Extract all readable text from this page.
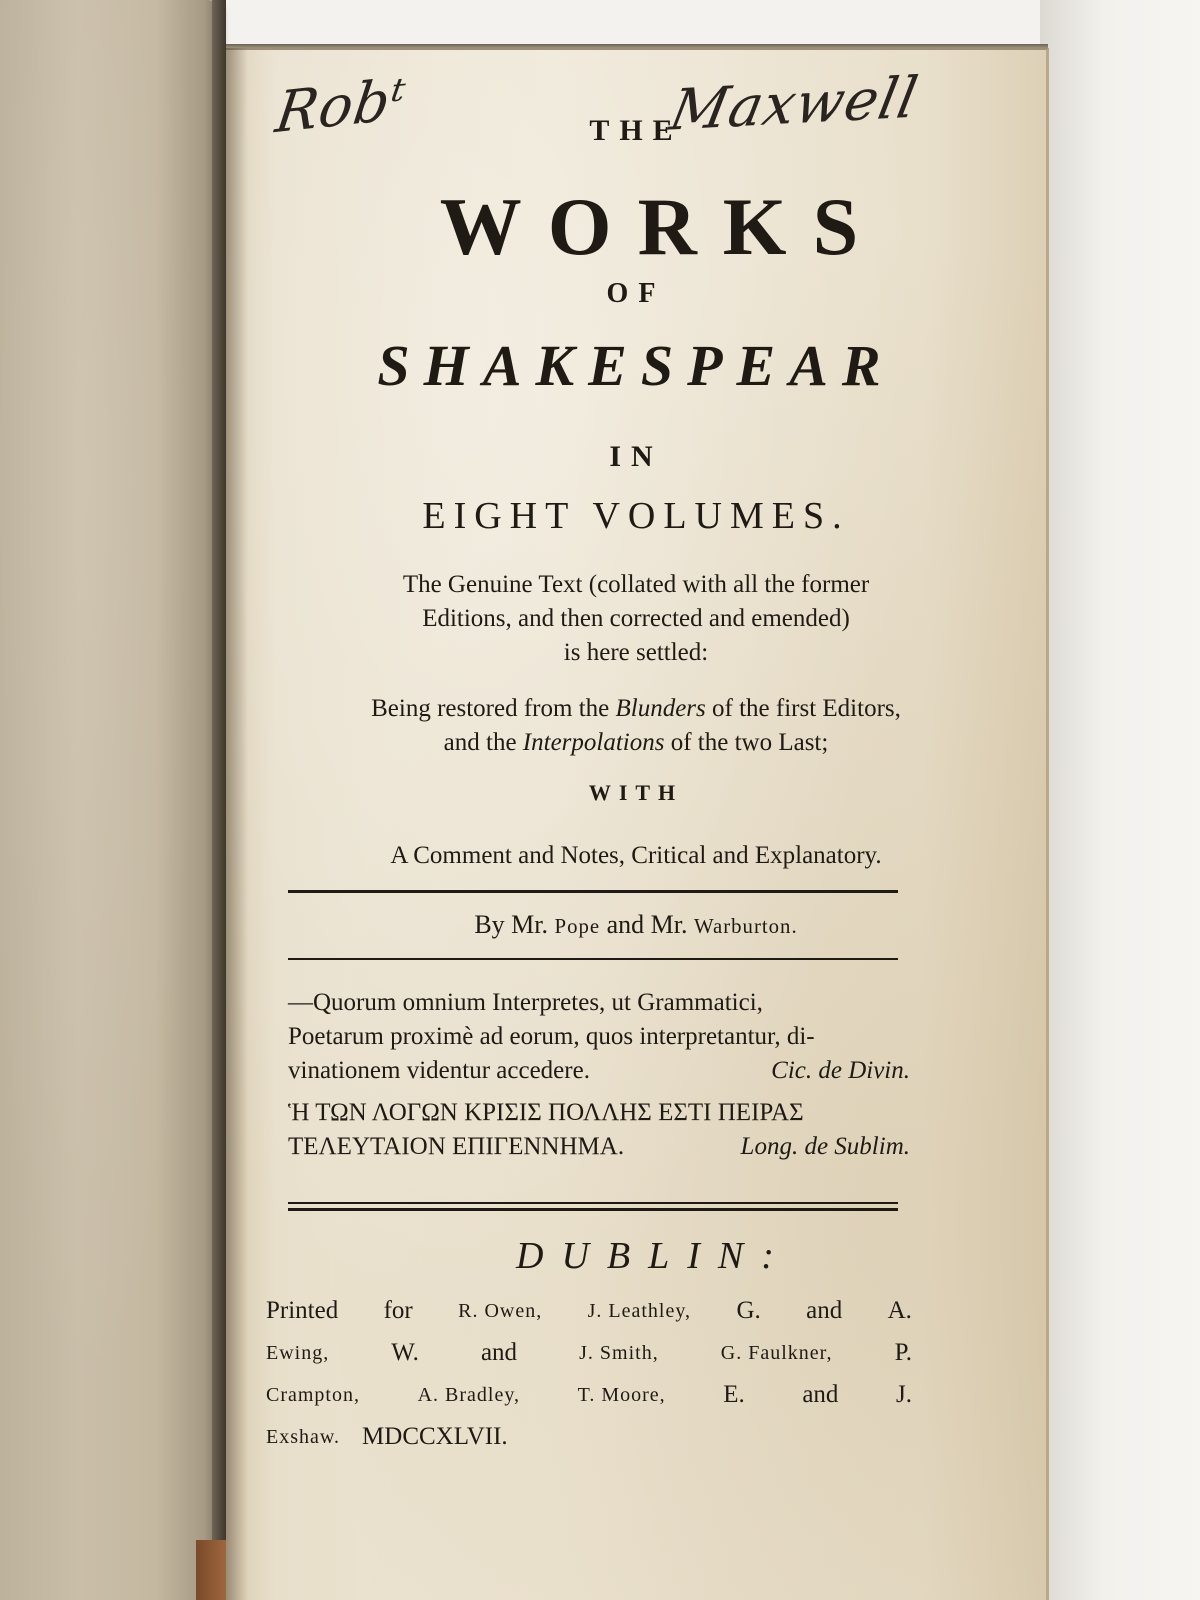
Robᵗ	Maxwell
THE
WORKS
OF
SHAKESPEAR
IN
EIGHT VOLUMES.
The Genuine Text (collated with all the former
Editions, and then corrected and emended)
is here settled:
Being restored from the Blunders of the first Editors,
and the Interpolations of the two Last;
WITH
A Comment and Notes, Critical and Explanatory.
By Mr. Pope and Mr. Warburton.
—Quorum omnium Interpretes, ut Grammatici,
Poetarum proximè ad eorum, quos interpretantur, di-
vinationem videntur accedere.	Cic. de Divin.
Ἡ ΤΩΝ ΛΟΓΩΝ ΚΡΙΣΙΣ ΠΟΛΛΗΣ ΕΣΤΙ ΠΕΙΡΑΣ
ΤΕΛΕΥΤΑΙΟΝ ΕΠΙΓΕΝΝΗΜΑ.	Long. de Sublim.
DUBLIN:
Printed for R. Owen, J. Leathley, G. and A.
Ewing, W. and	J. Smith,	G. Faulkner, P.
Crampton,	A. Bradley,	T. Moore, E. and J.
Exshaw. MDCCXLVII.
